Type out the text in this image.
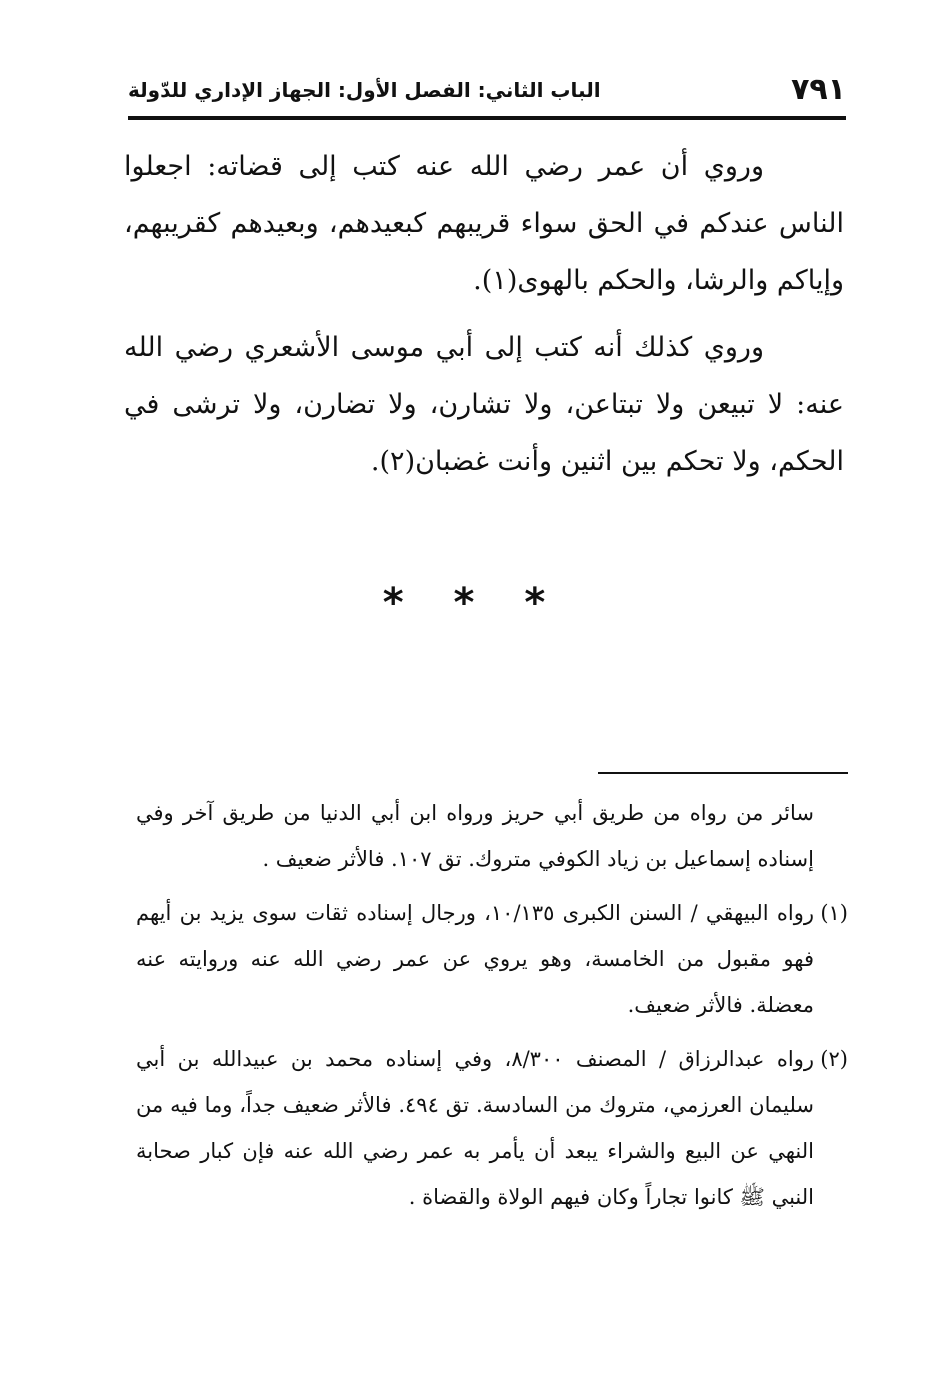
٧٩١
الباب الثاني: الفصل الأول: الجهاز الإداري للدّولة

وروي أن عمر رضي الله عنه كتب إلى قضاته: اجعلوا الناس عندكم في الحق سواء قريبهم كبعيدهم، وبعيدهم كقريبهم، وإياكم والرشا، والحكم بالهوى(١).

وروي كذلك أنه كتب إلى أبي موسى الأشعري رضي الله عنه: لا تبيعن ولا تبتاعن، ولا تشارن، ولا تضارن، ولا ترشى في الحكم، ولا تحكم بين اثنين وأنت غضبان(٢).

* * *

سائر من رواه من طريق أبي حريز ورواه ابن أبي الدنيا من طريق آخر وفي إسناده إسماعيل بن زياد الكوفي متروك. تق ١٠٧. فالأثر ضعيف .

(١)رواه البيهقي / السنن الكبرى ١٠/١٣٥، ورجال إسناده ثقات سوى يزيد بن أيهم فهو مقبول من الخامسة، وهو يروي عن عمر رضي الله عنه وروايته عنه معضلة. فالأثر ضعيف.

(٢)رواه عبدالرزاق / المصنف ٨/٣٠٠، وفي إسناده محمد بن عبيدالله بن أبي سليمان العرزمي، متروك من السادسة. تق ٤٩٤. فالأثر ضعيف جداً، وما فيه من النهي عن البيع والشراء يبعد أن يأمر به عمر رضي الله عنه فإن كبار صحابة النبي ﷺ كانوا تجاراً وكان فيهم الولاة والقضاة .
